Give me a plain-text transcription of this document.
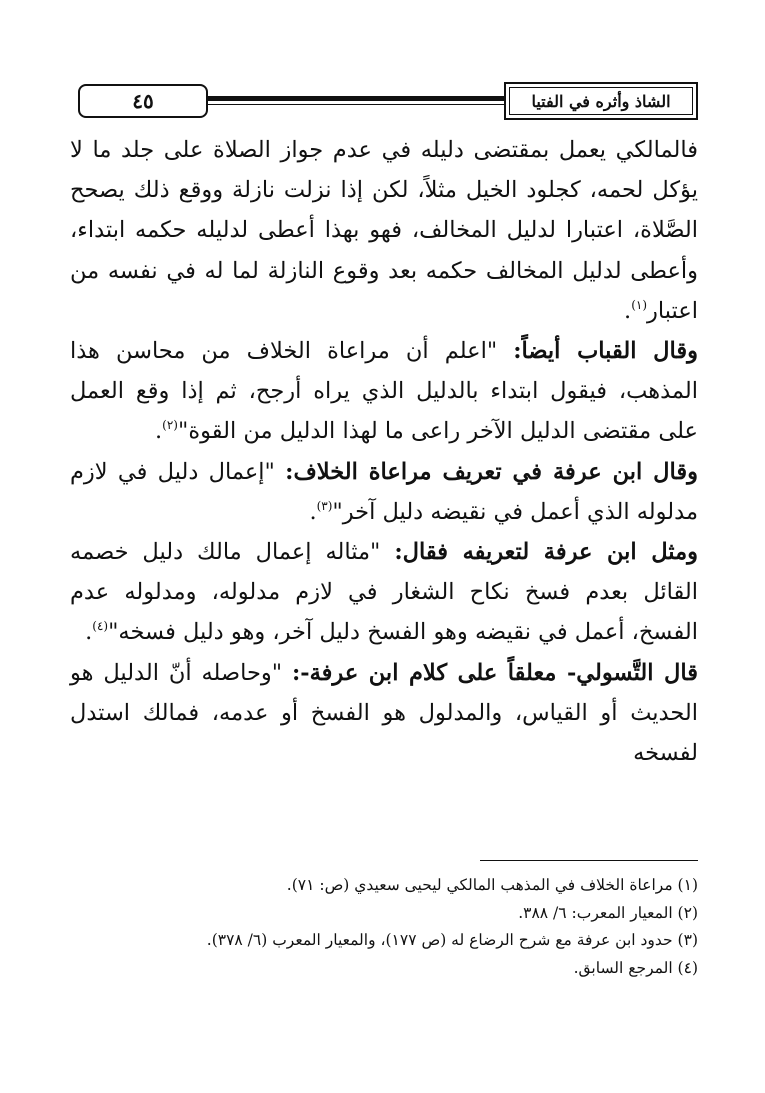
٤٥	الشاذ وأثره في الفتيا

فالمالكي يعمل بمقتضى دليله في عدم جواز الصلاة على جلد ما لا يؤكل لحمه، كجلود الخيل مثلاً، لكن إذا نزلت نازلة ووقع ذلك يصحح الصَّلاة، اعتبارا لدليل المخالف، فهو بهذا أعطى لدليله حكمه ابتداء، وأعطى لدليل المخالف حكمه بعد وقوع النازلة لما له في نفسه من اعتبار$^{(١)}$.

وقال القباب أيضاً: "اعلم أن مراعاة الخلاف من محاسن هذا المذهب، فيقول ابتداء بالدليل الذي يراه أرجح، ثم إذا وقع العمل على مقتضى الدليل الآخر راعى ما لهذا الدليل من القوة"$^{(٢)}$.

وقال ابن عرفة في تعريف مراعاة الخلاف: "إعمال دليل في لازم مدلوله الذي أعمل في نقيضه دليل آخر"$^{(٣)}$.

ومثل ابن عرفة لتعريفه فقال: "مثاله إعمال مالك دليل خصمه القائل بعدم فسخ نكاح الشغار في لازم مدلوله، ومدلوله عدم الفسخ، أعمل في نقيضه وهو الفسخ دليل آخر، وهو دليل فسخه"$^{(٤)}$.

قال التَّسولي- معلقاً على كلام ابن عرفة-: "وحاصله أنّ الدليل هو الحديث أو القياس، والمدلول هو الفسخ أو عدمه، فمالك استدل لفسخه

(١) مراعاة الخلاف في المذهب المالكي ليحيى سعيدي (ص: ٧١).
(٢) المعيار المعرب: ٦/ ٣٨٨.
(٣) حدود ابن عرفة مع شرح الرضاع له (ص ١٧٧)، والمعيار المعرب (٦/ ٣٧٨).
(٤) المرجع السابق.
